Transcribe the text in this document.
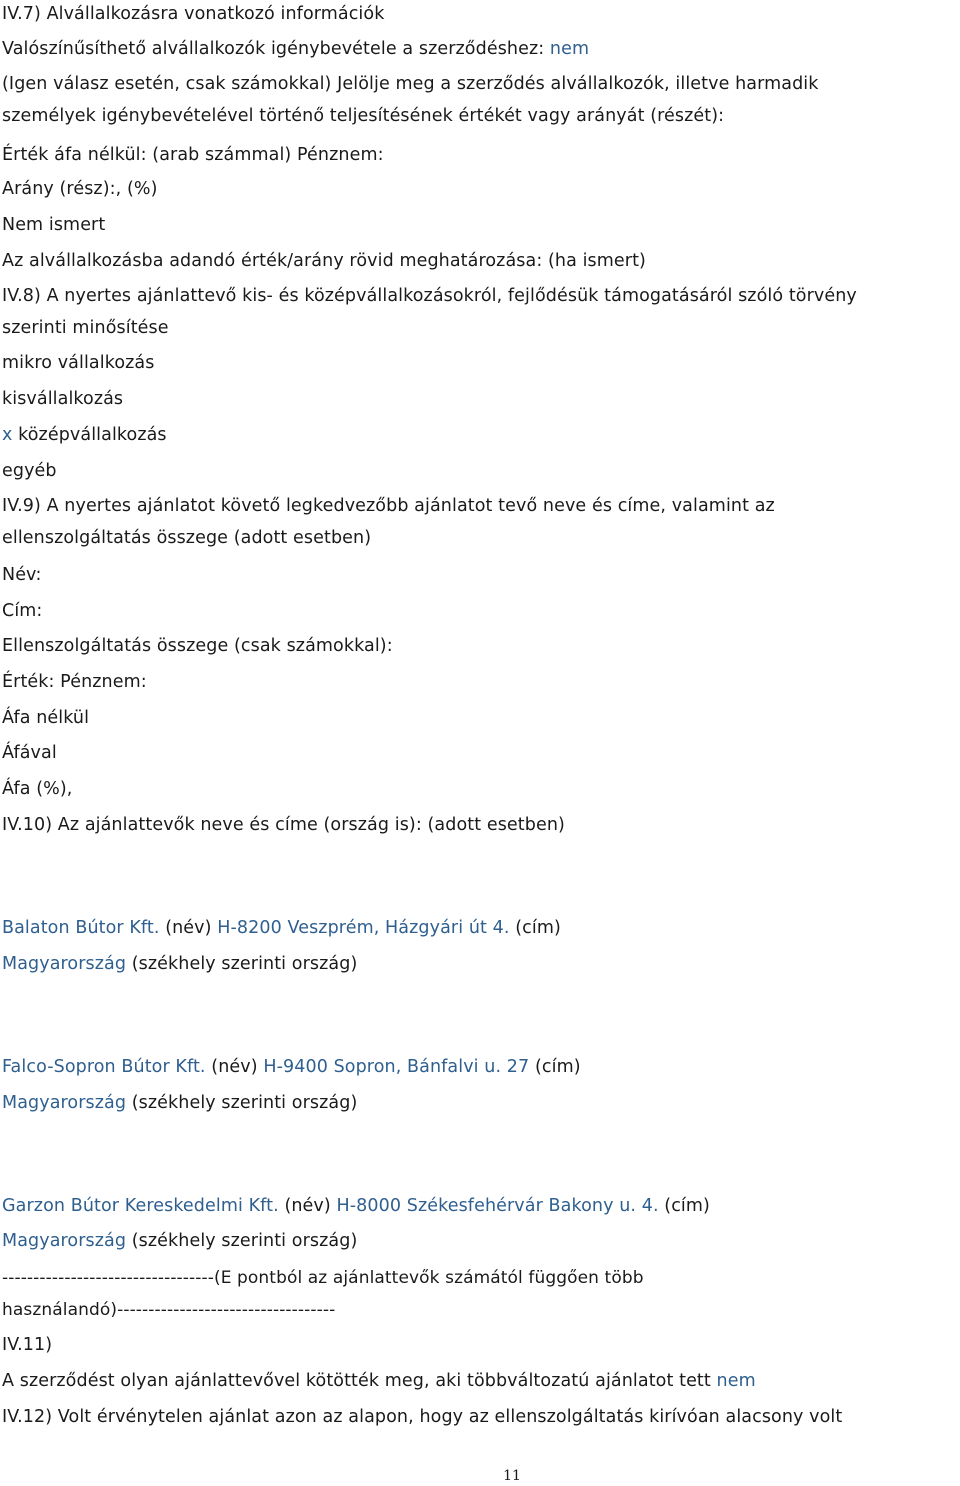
IV.7) Alvállalkozásra vonatkozó információk

Valószínűsíthető alvállalkozók igénybevétele a szerződéshez: nem

(Igen válasz esetén, csak számokkal) Jelölje meg a szerződés alvállalkozók, illetve harmadik

személyek igénybevételével történő teljesítésének értékét vagy arányát (részét):

Érték áfa nélkül: (arab számmal) Pénznem:

Arány (rész):, (%)

Nem ismert

Az alvállalkozásba adandó érték/arány rövid meghatározása: (ha ismert)

IV.8) A nyertes ajánlattevő kis- és középvállalkozásokról, fejlődésük támogatásáról szóló törvény

szerinti minősítése

mikro vállalkozás

kisvállalkozás

x középvállalkozás

egyéb

IV.9) A nyertes ajánlatot követő legkedvezőbb ajánlatot tevő neve és címe, valamint az

ellenszolgáltatás összege (adott esetben)

Név:

Cím:

Ellenszolgáltatás összege (csak számokkal):

Érték: Pénznem:

Áfa nélkül

Áfával

Áfa (%),

IV.10) Az ajánlattevők neve és címe (ország is): (adott esetben)

Balaton Bútor Kft. (név) H-8200 Veszprém, Házgyári út 4. (cím)

Magyarország (székhely szerinti ország)

Falco-Sopron Bútor Kft. (név) H-9400 Sopron, Bánfalvi u. 27 (cím)

Magyarország (székhely szerinti ország)

Garzon Bútor Kereskedelmi Kft. (név) H-8000 Székesfehérvár Bakony u. 4. (cím)

Magyarország (székhely szerinti ország)

----------------------------------(E pontból az ajánlattevők számától függően több

használandó)-----------------------------------

IV.11)

A szerződést olyan ajánlattevővel kötötték meg, aki többváltozatú ajánlatot tett nem

IV.12) Volt érvénytelen ajánlat azon az alapon, hogy az ellenszolgáltatás kirívóan alacsony volt

11
